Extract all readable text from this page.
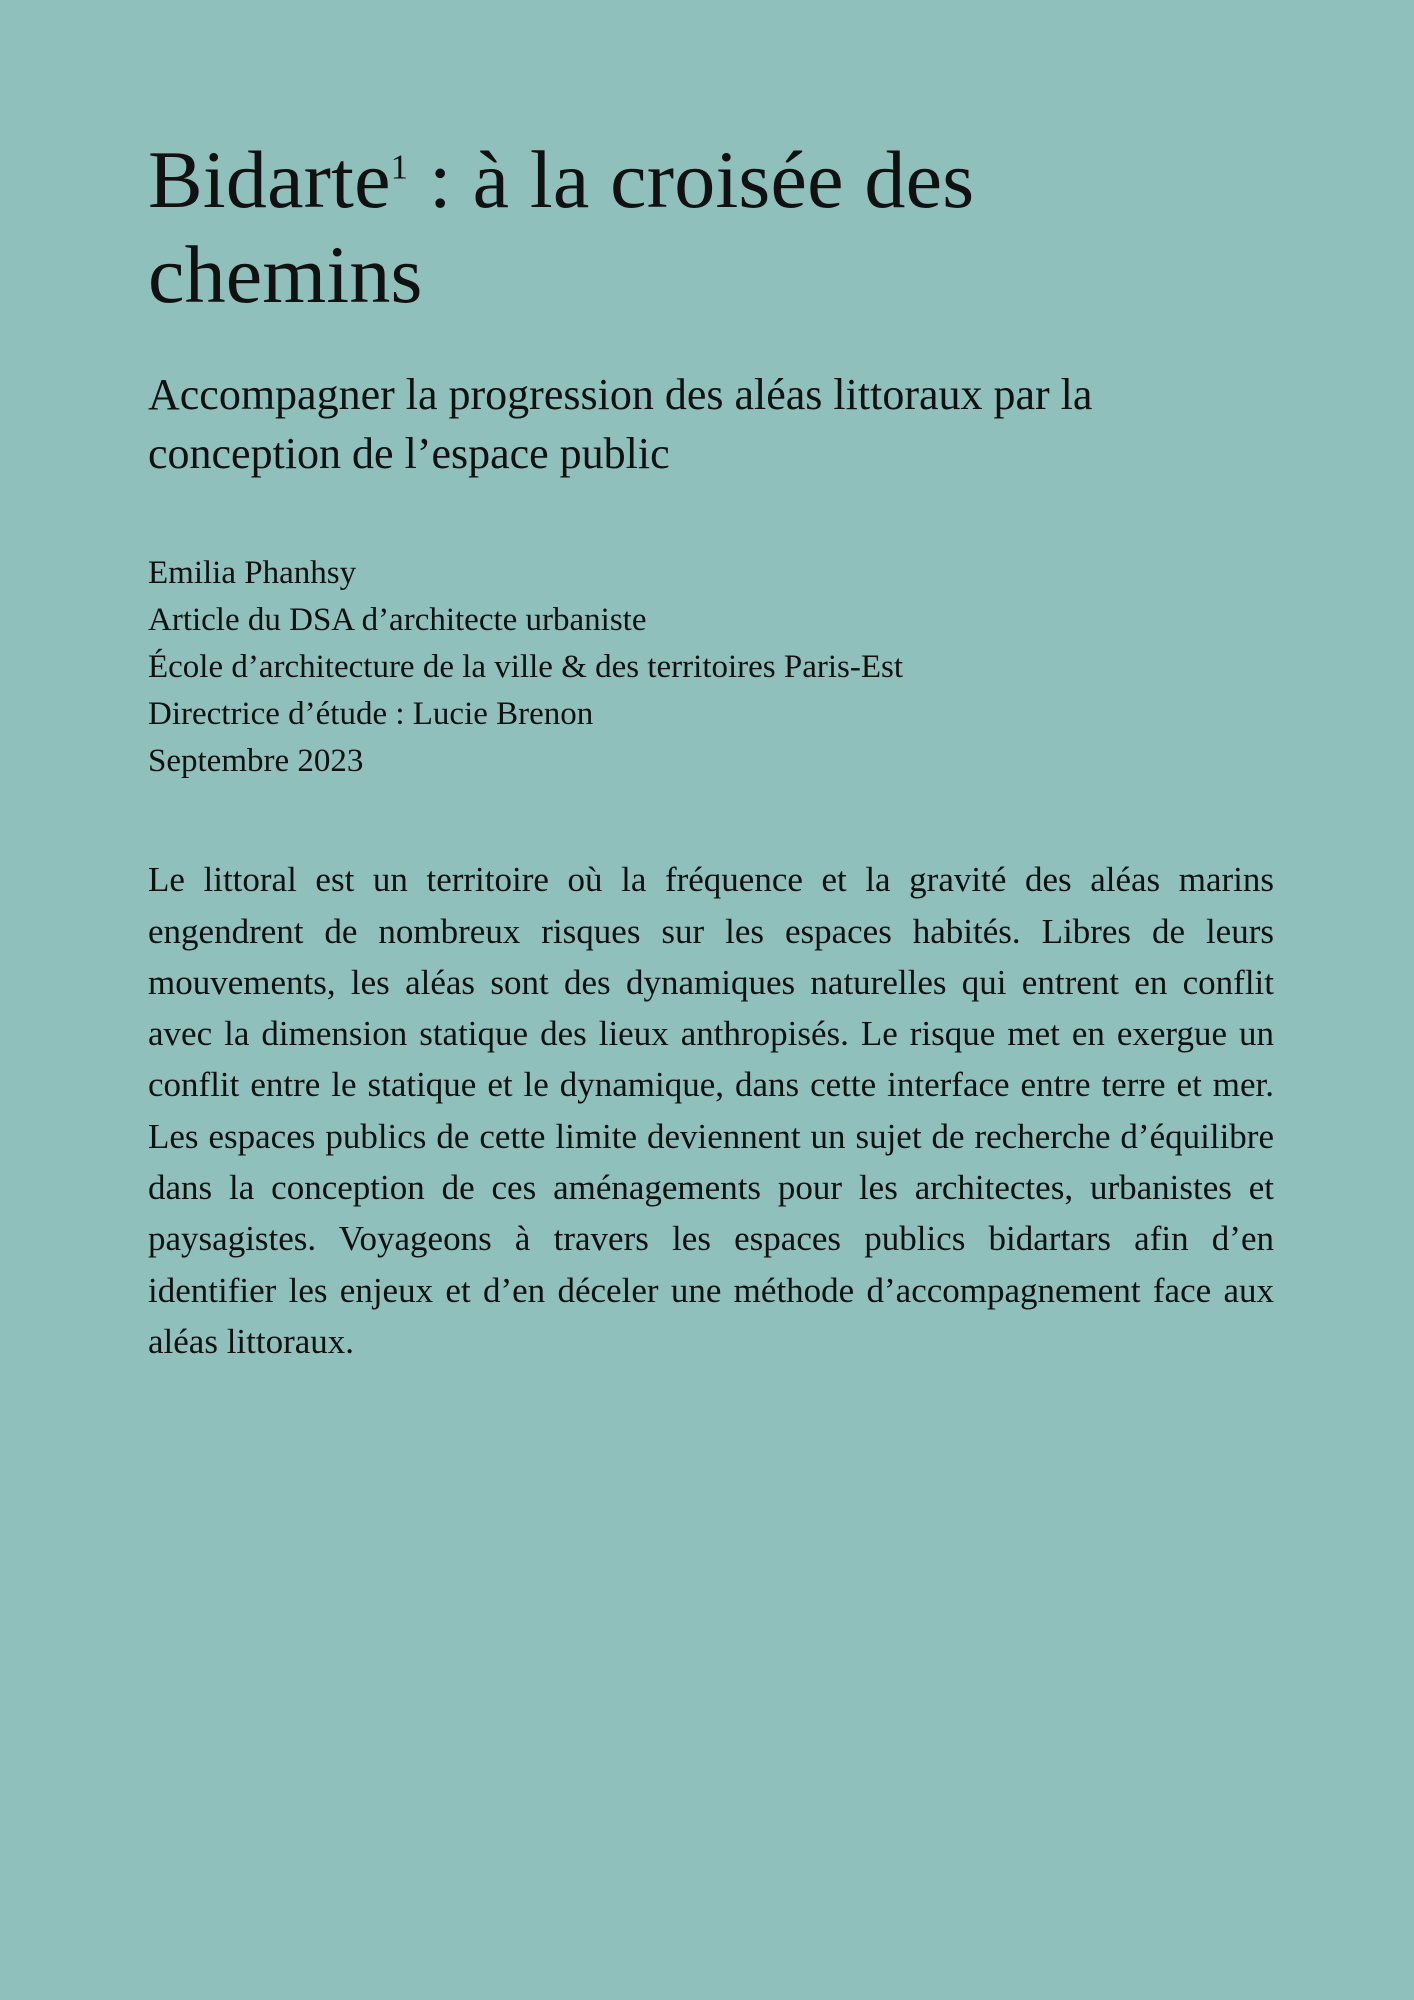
Bidarte$^1$ : à la croisée des chemins
Accompagner la progression des aléas littoraux par la conception de l’espace public
Emilia Phanhsy
Article du DSA d’architecte urbaniste
École d’architecture de la ville & des territoires Paris-Est
Directrice d’étude : Lucie Brenon
Septembre 2023

Le littoral est un territoire où la fréquence et la gravité des aléas marins engendrent de nombreux risques sur les espaces habités. Libres de leurs mouvements, les aléas sont des dynamiques naturelles qui entrent en conflit avec la dimension statique des lieux anthropisés. Le risque met en exergue un conflit entre le statique et le dynamique, dans cette interface entre terre et mer. Les espaces publics de cette limite deviennent un sujet de recherche d’équilibre dans la conception de ces aménagements pour les architectes, urbanistes et paysagistes. Voyageons à travers les espaces publics bidartars afin d’en identifier les enjeux et d’en déceler une méthode d’accompagnement face aux aléas littoraux.
